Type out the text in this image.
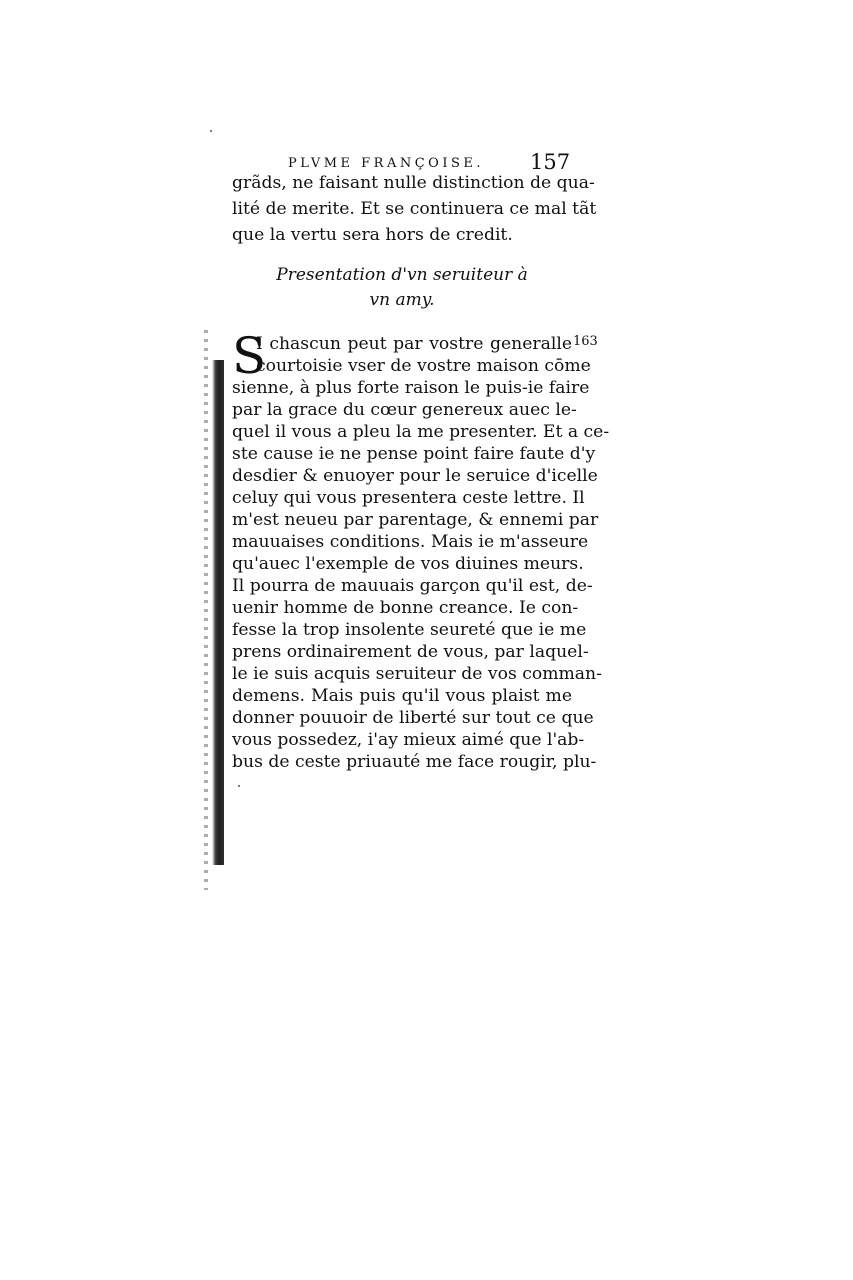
PLVME FRANÇOISE. 157
grãds, ne faisant nulle distinction de qua-
lité de merite. Et se continuera ce mal tãt
que la vertu sera hors de credit.
Presentation d'vn seruiteur à
vn amy.
S	163
I chascun peut par vostre generalle
courtoisie vser de vostre maison cōme
sienne, à plus forte raison le puis-ie faire
par la grace du cœur genereux auec le-
quel il vous a pleu la me presenter. Et a ce-
ste cause ie ne pense point faire faute d'y
desdier & enuoyer pour le seruice d'icelle
celuy qui vous presentera ceste lettre. Il
m'est neueu par parentage, & ennemi par
mauuaises conditions. Mais ie m'asseure
qu'auec l'exemple de vos diuines meurs.
Il pourra de mauuais garçon qu'il est, de-
uenir homme de bonne creance. Ie con-
fesse la trop insolente seureté que ie me
prens ordinairement de vous, par laquel-
le ie suis acquis seruiteur de vos comman-
demens. Mais puis qu'il vous plaist me
donner pouuoir de liberté sur tout ce que
vous possedez, i'ay mieux aimé que l'ab-
bus de ceste priuauté me face rougir, plu-
